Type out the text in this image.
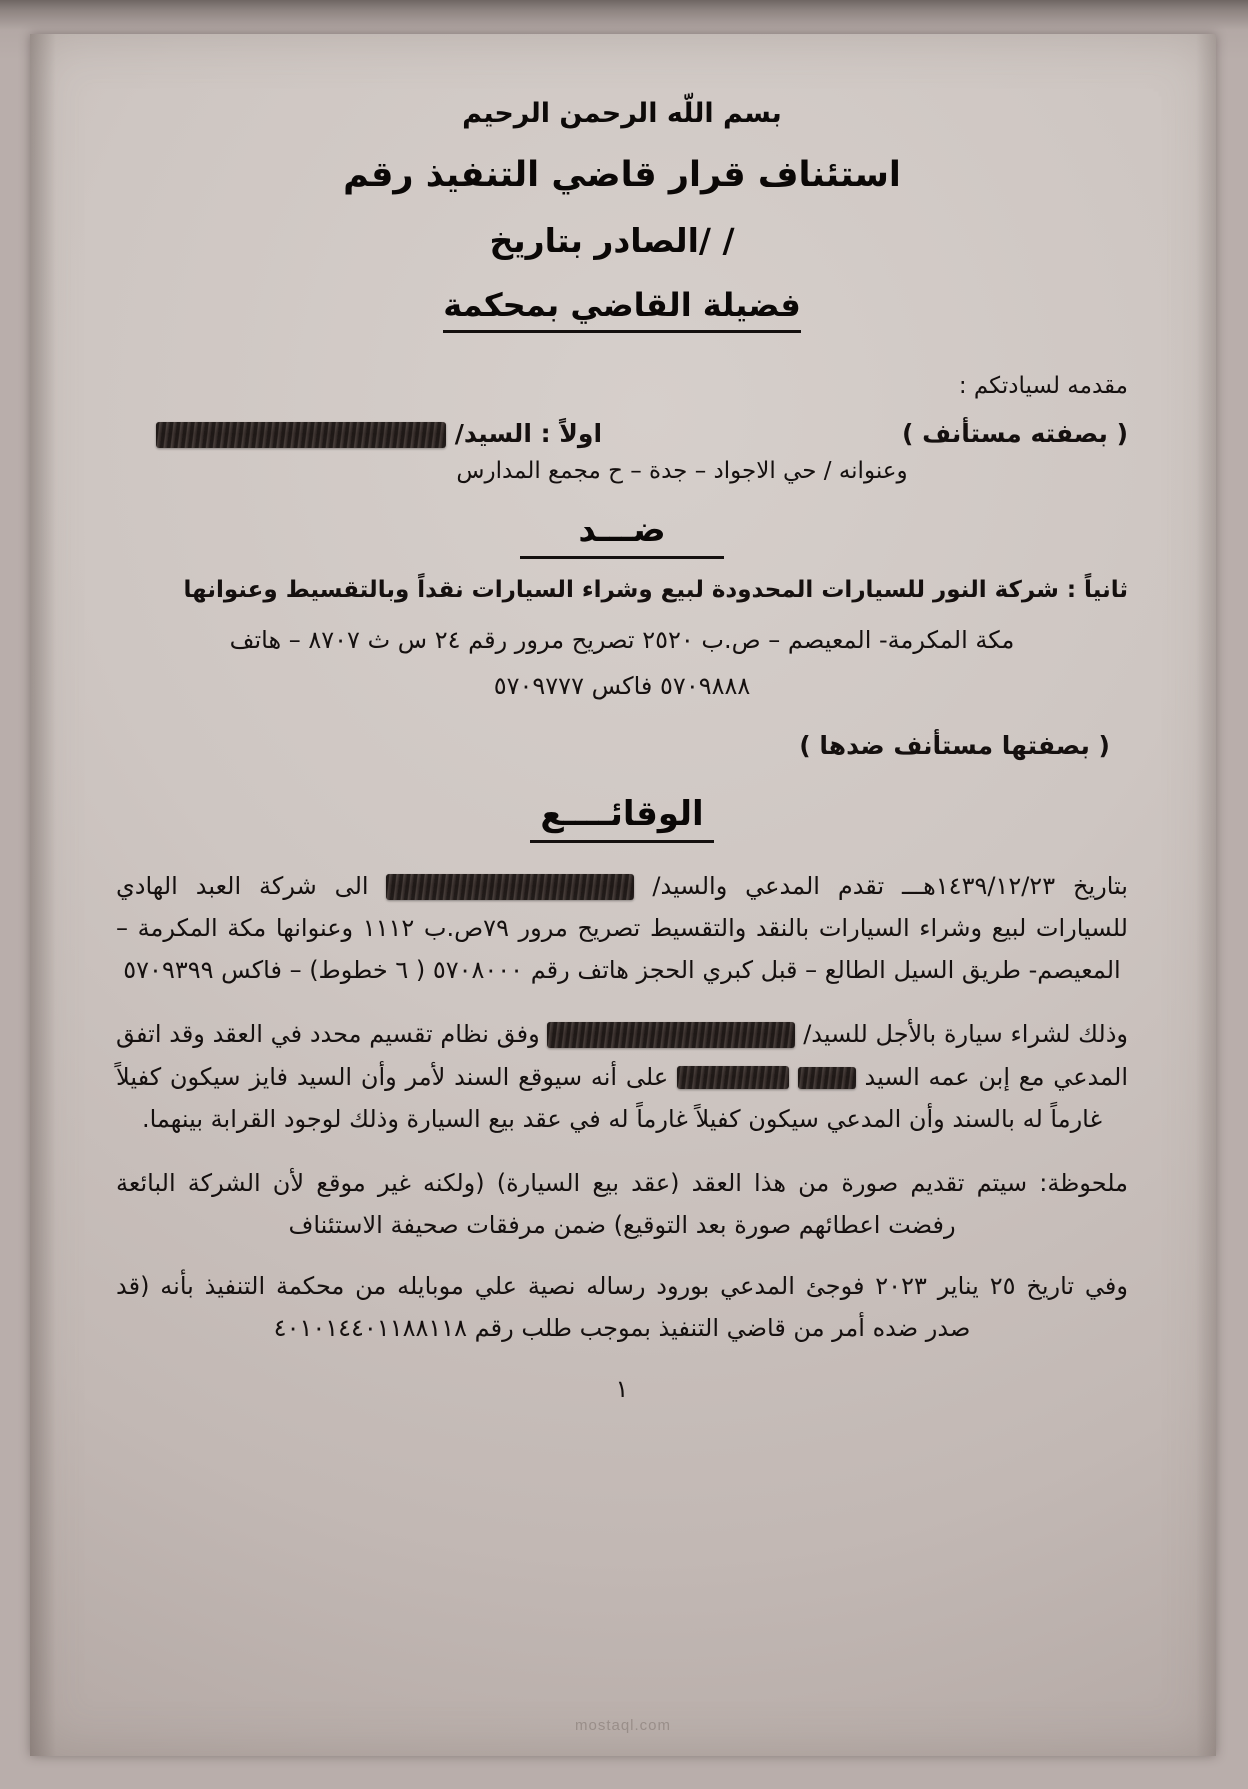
بسم اللّه الرحمن الرحيم
استئناف قرار قاضي التنفيذ رقم
/ /الصادر بتاريخ
فضيلة القاضي بمحكمة
مقدمه لسيادتكم :
اولاً : السيد/	( بصفته مستأنف )
وعنوانه / حي الاجواد – جدة – ح مجمع المدارس
ضـــد
ثانياً : شركة النور للسيارات المحدودة لبيع وشراء السيارات نقداً وبالتقسيط وعنوانها
مكة المكرمة- المعيصم – ص.ب ٢٥٢٠ تصريح مرور رقم ٢٤ س ث ٨٧٠٧ – هاتف
٥٧٠٩٨٨٨ فاكس ٥٧٠٩٧٧٧
( بصفتها مستأنف ضدها )
الوقائــــع

بتاريخ ١٤٣٩/١٢/٢٣هـــ تقدم المدعي والسيد/  الى شركة العبد الهادي للسيارات لبيع وشراء السيارات بالنقد والتقسيط تصريح مرور ٧٩ص.ب ١١١٢ وعنوانها مكة المكرمة – المعيصم- طريق السيل الطالع – قبل كبري الحجز هاتف رقم ٥٧٠٨٠٠٠ ( ٦ خطوط) – فاكس ٥٧٠٩٣٩٩

وذلك لشراء سيارة بالأجل للسيد/  وفق نظام تقسيم محدد في العقد وقد اتفق المدعي مع إبن عمه السيد   على أنه سيوقع السند لأمر وأن السيد فايز سيكون كفيلاً غارماً له بالسند وأن المدعي سيكون كفيلاً غارماً له في عقد بيع السيارة وذلك لوجود القرابة بينهما.

ملحوظة: سيتم تقديم صورة من هذا العقد (عقد بيع السيارة) (ولكنه غير موقع لأن الشركة البائعة رفضت اعطائهم صورة بعد التوقيع) ضمن مرفقات صحيفة الاستئناف

وفي تاريخ ٢٥ يناير ٢٠٢٣ فوجئ المدعي بورود رساله نصية علي موبايله من محكمة التنفيذ بأنه (قد صدر ضده أمر من قاضي التنفيذ بموجب طلب رقم ٤٠١٠١٤٤٠١١٨٨١١٨

١
mostaql.com
